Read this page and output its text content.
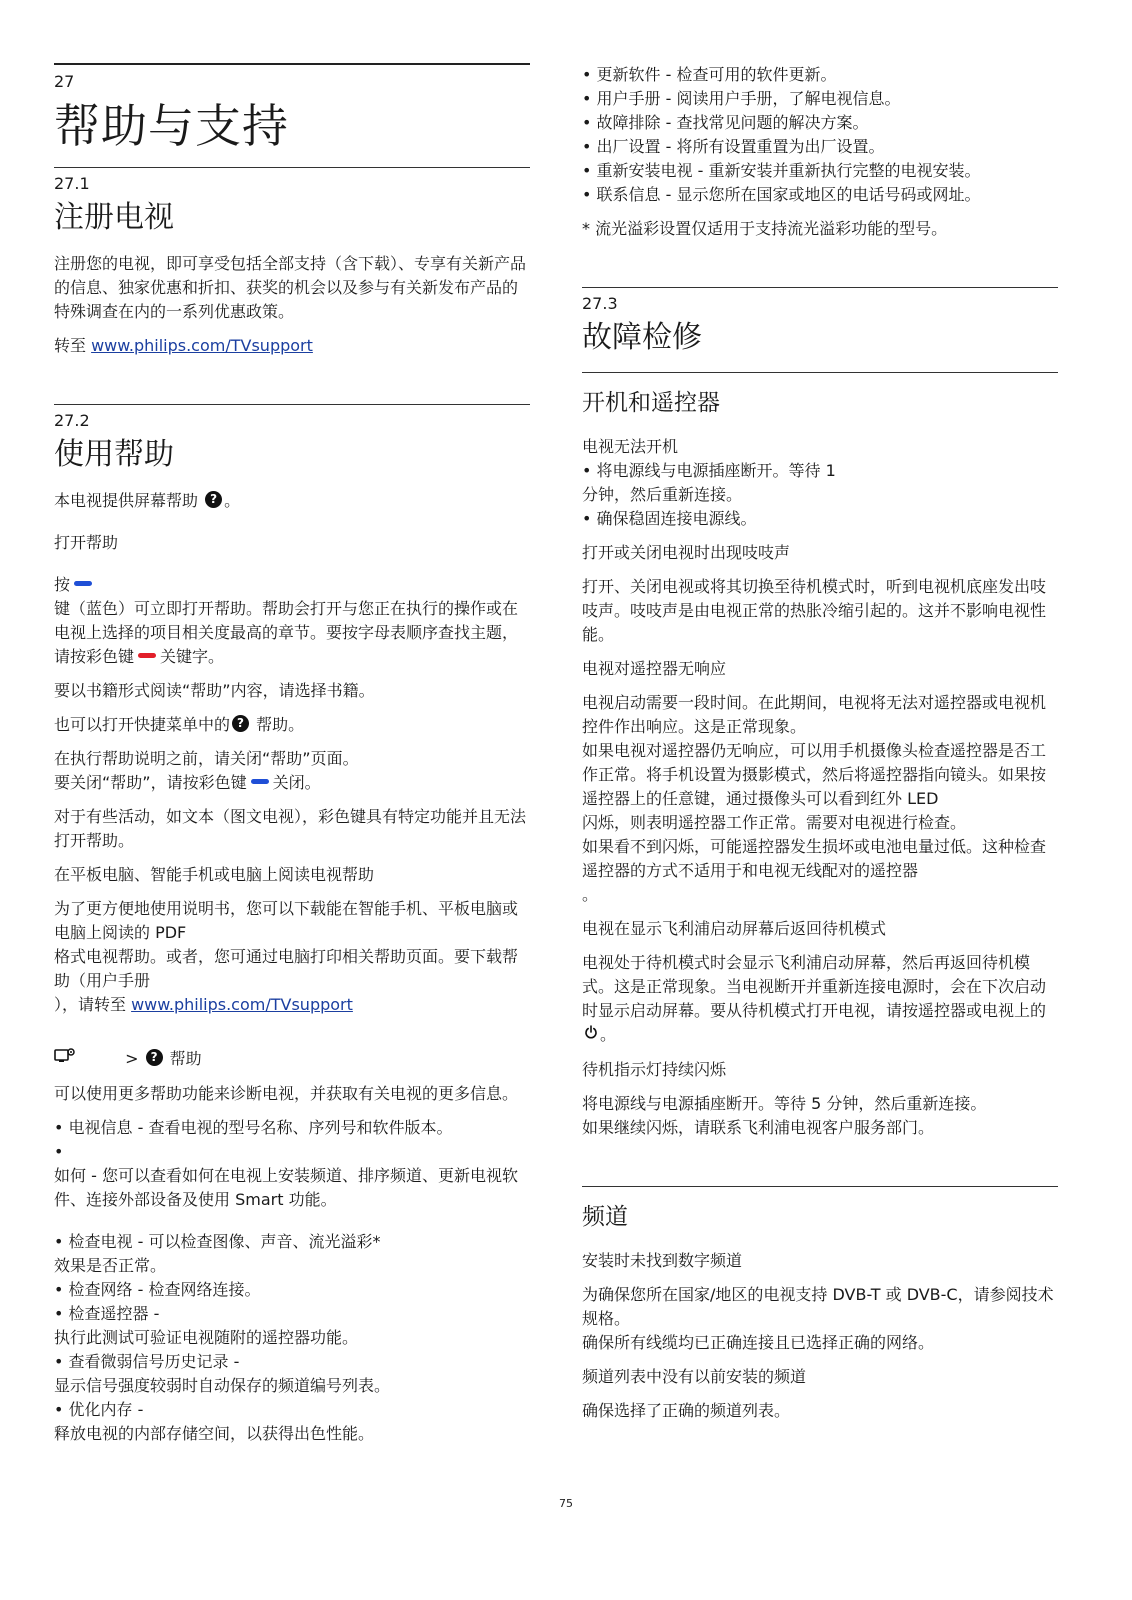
27
帮助与支持
27.1
注册电视

注册您的电视，即可享受包括全部支持（含下载）、专享有关新产品的信息、独家优惠和折扣、获奖的机会以及参与有关新发布产品的特殊调查在内的一系列优惠政策。

转至 www.philips.com/TVsupport

27.2
使用帮助

本电视提供屏幕帮助 ? 。

打开帮助

按

键（蓝色）可立即打开帮助。帮助会打开与您正在执行的操作或在电视上选择的项目相关度最高的章节。要按字母表顺序查找主题，请按彩色键 关键字。

要以书籍形式阅读“帮助”内容，请选择书籍。

也可以打开快捷菜单中的 ? 帮助。

在执行帮助说明之前，请关闭“帮助”页面。

要关闭“帮助”，请按彩色键 关闭。

对于有些活动，如文本（图文电视），彩色键具有特定功能并且无法打开帮助。

在平板电脑、智能手机或电脑上阅读电视帮助

为了更方便地使用说明书，您可以下载能在智能手机、平板电脑或电脑上阅读的 PDF

格式电视帮助。或者，您可通过电脑打印相关帮助页面。要下载帮助（用户手册

），请转至 www.philips.com/TVsupport

> ? 帮助

可以使用更多帮助功能来诊断电视，并获取有关电视的更多信息。

• 电视信息 - 查看电视的型号名称、序列号和软件版本。

•

如何 - 您可以查看如何在电视上安装频道、排序频道、更新电视软件、连接外部设备及使用 Smart 功能。

• 检查电视 - 可以检查图像、声音、流光溢彩*

效果是否正常。

• 检查网络 - 检查网络连接。

• 检查遥控器 -

执行此测试可验证电视随附的遥控器功能。

• 查看微弱信号历史记录 -

显示信号强度较弱时自动保存的频道编号列表。

• 优化内存 -

释放电视的内部存储空间，以获得出色性能。

• 更新软件 - 检查可用的软件更新。

• 用户手册 - 阅读用户手册，了解电视信息。

• 故障排除 - 查找常见问题的解决方案。

• 出厂设置 - 将所有设置重置为出厂设置。

• 重新安装电视 - 重新安装并重新执行完整的电视安装。

• 联系信息 - 显示您所在国家或地区的电话号码或网址。

* 流光溢彩设置仅适用于支持流光溢彩功能的型号。

27.3
故障检修
开机和遥控器

电视无法开机

• 将电源线与电源插座断开。等待 1

分钟，然后重新连接。

• 确保稳固连接电源线。

打开或关闭电视时出现吱吱声

打开、关闭电视或将其切换至待机模式时，听到电视机底座发出吱吱声。吱吱声是由电视正常的热胀冷缩引起的。这并不影响电视性能。

电视对遥控器无响应

电视启动需要一段时间。在此期间，电视将无法对遥控器或电视机控件作出响应。这是正常现象。

如果电视对遥控器仍无响应，可以用手机摄像头检查遥控器是否工作正常。将手机设置为摄影模式，然后将遥控器指向镜头。如果按遥控器上的任意键，通过摄像头可以看到红外 LED

闪烁，则表明遥控器工作正常。需要对电视进行检查。

如果看不到闪烁，可能遥控器发生损坏或电池电量过低。这种检查遥控器的方式不适用于和电视无线配对的遥控器

。

电视在显示飞利浦启动屏幕后返回待机模式

电视处于待机模式时会显示飞利浦启动屏幕，然后再返回待机模式。这是正常现象。当电视断开并重新连接电源时，会在下次启动时显示启动屏幕。要从待机模式打开电视，请按遥控器或电视上的。

待机指示灯持续闪烁

将电源线与电源插座断开。等待 5 分钟，然后重新连接。

如果继续闪烁，请联系飞利浦电视客户服务部门。

频道

安装时未找到数字频道

为确保您所在国家/地区的电视支持 DVB-T 或 DVB-C，请参阅技术规格。

确保所有线缆均已正确连接且已选择正确的网络。

频道列表中没有以前安装的频道

确保选择了正确的频道列表。

75
